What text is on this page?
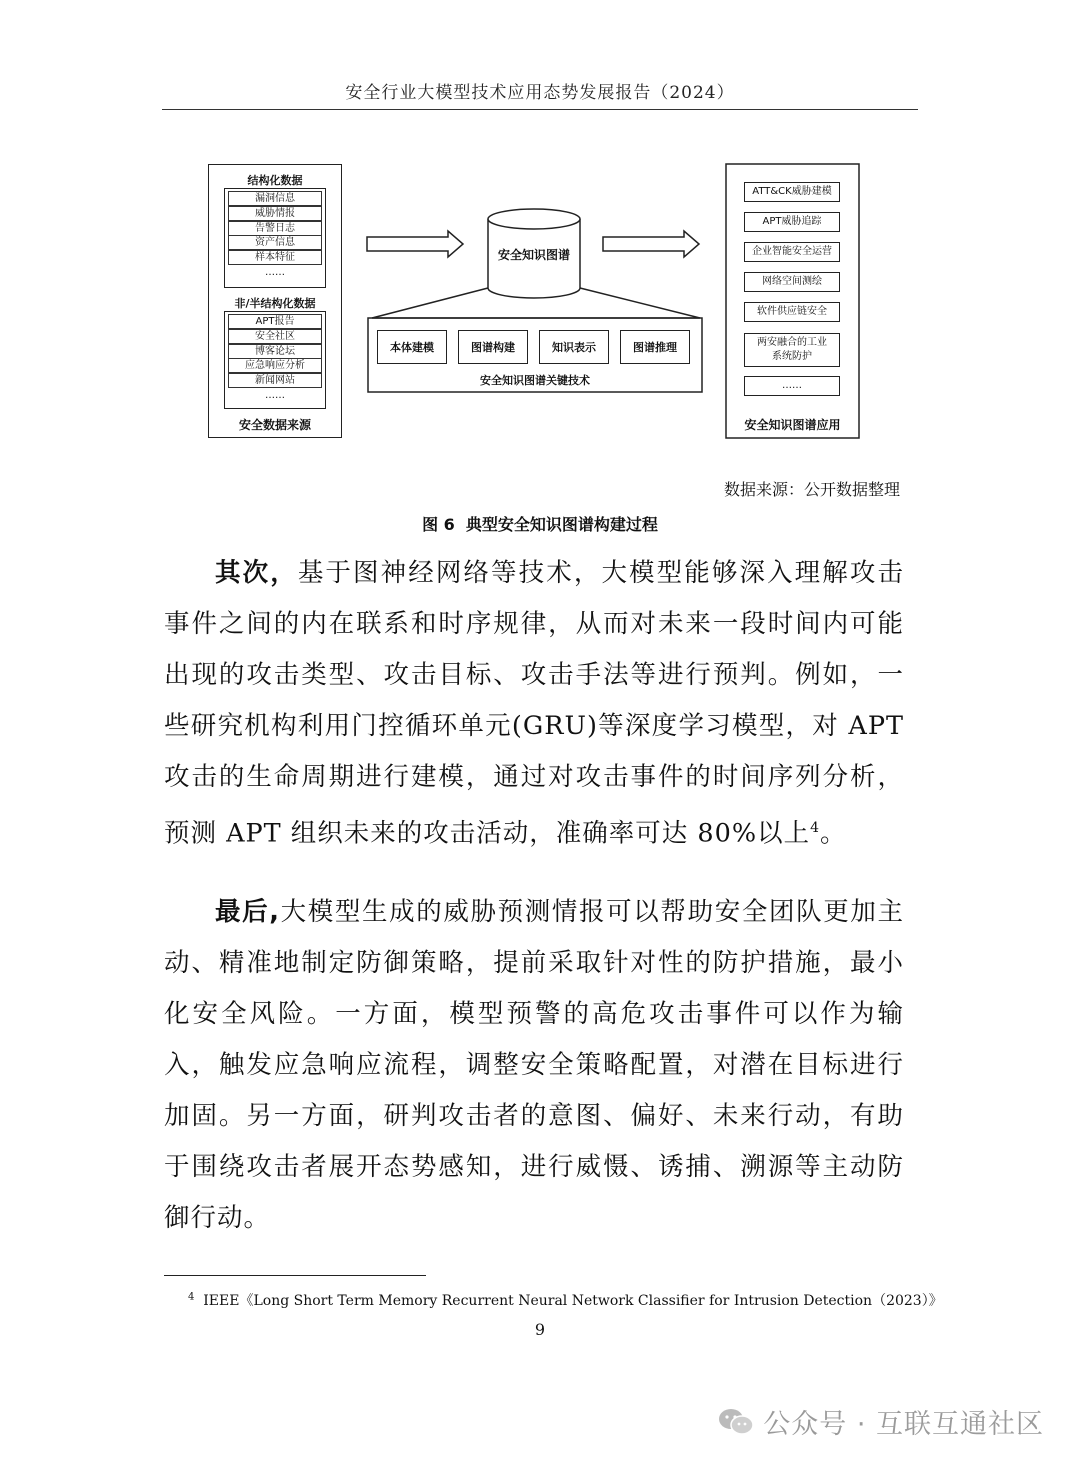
安全行业大模型技术应用态势发展报告（2024）
结构化数据
漏洞信息
威胁情报
告警日志
资产信息
样本特征
……
非/半结构化数据
APT报告
安全社区
博客论坛
应急响应分析
新闻网站
……
安全数据来源
安全知识图谱
本体建模	图谱构建	知识表示	图谱推理
安全知识图谱关键技术
ATT&CK威胁建模
APT威胁追踪
企业智能安全运营
网络空间测绘
软件供应链安全
两安融合的工业系统防护
……
安全知识图谱应用
数据来源：公开数据整理
图 6  典型安全知识图谱构建过程

其次，基于图神经网络等技术，大模型能够深入理解攻击事件之间的内在联系和时序规律，从而对未来一段时间内可能出现的攻击类型、攻击目标、攻击手法等进行预判。例如，一些研究机构利用门控循环单元(GRU)等深度学习模型，对 APT 攻击的生命周期进行建模，通过对攻击事件的时间序列分析，预测 APT 组织未来的攻击活动，准确率可达 80%以上$^4$。

最后,大模型生成的威胁预测情报可以帮助安全团队更加主动、精准地制定防御策略，提前采取针对性的防护措施，最小化安全风险。一方面，模型预警的高危攻击事件可以作为输入，触发应急响应流程，调整安全策略配置，对潜在目标进行加固。另一方面，研判攻击者的意图、偏好、未来行动，有助于围绕攻击者展开态势感知，进行威慑、诱捕、溯源等主动防御行动。

$^4$ IEEE《Long Short Term Memory Recurrent Neural Network Classifier for Intrusion Detection（2023）》
9
公众号 · 互联互通社区
